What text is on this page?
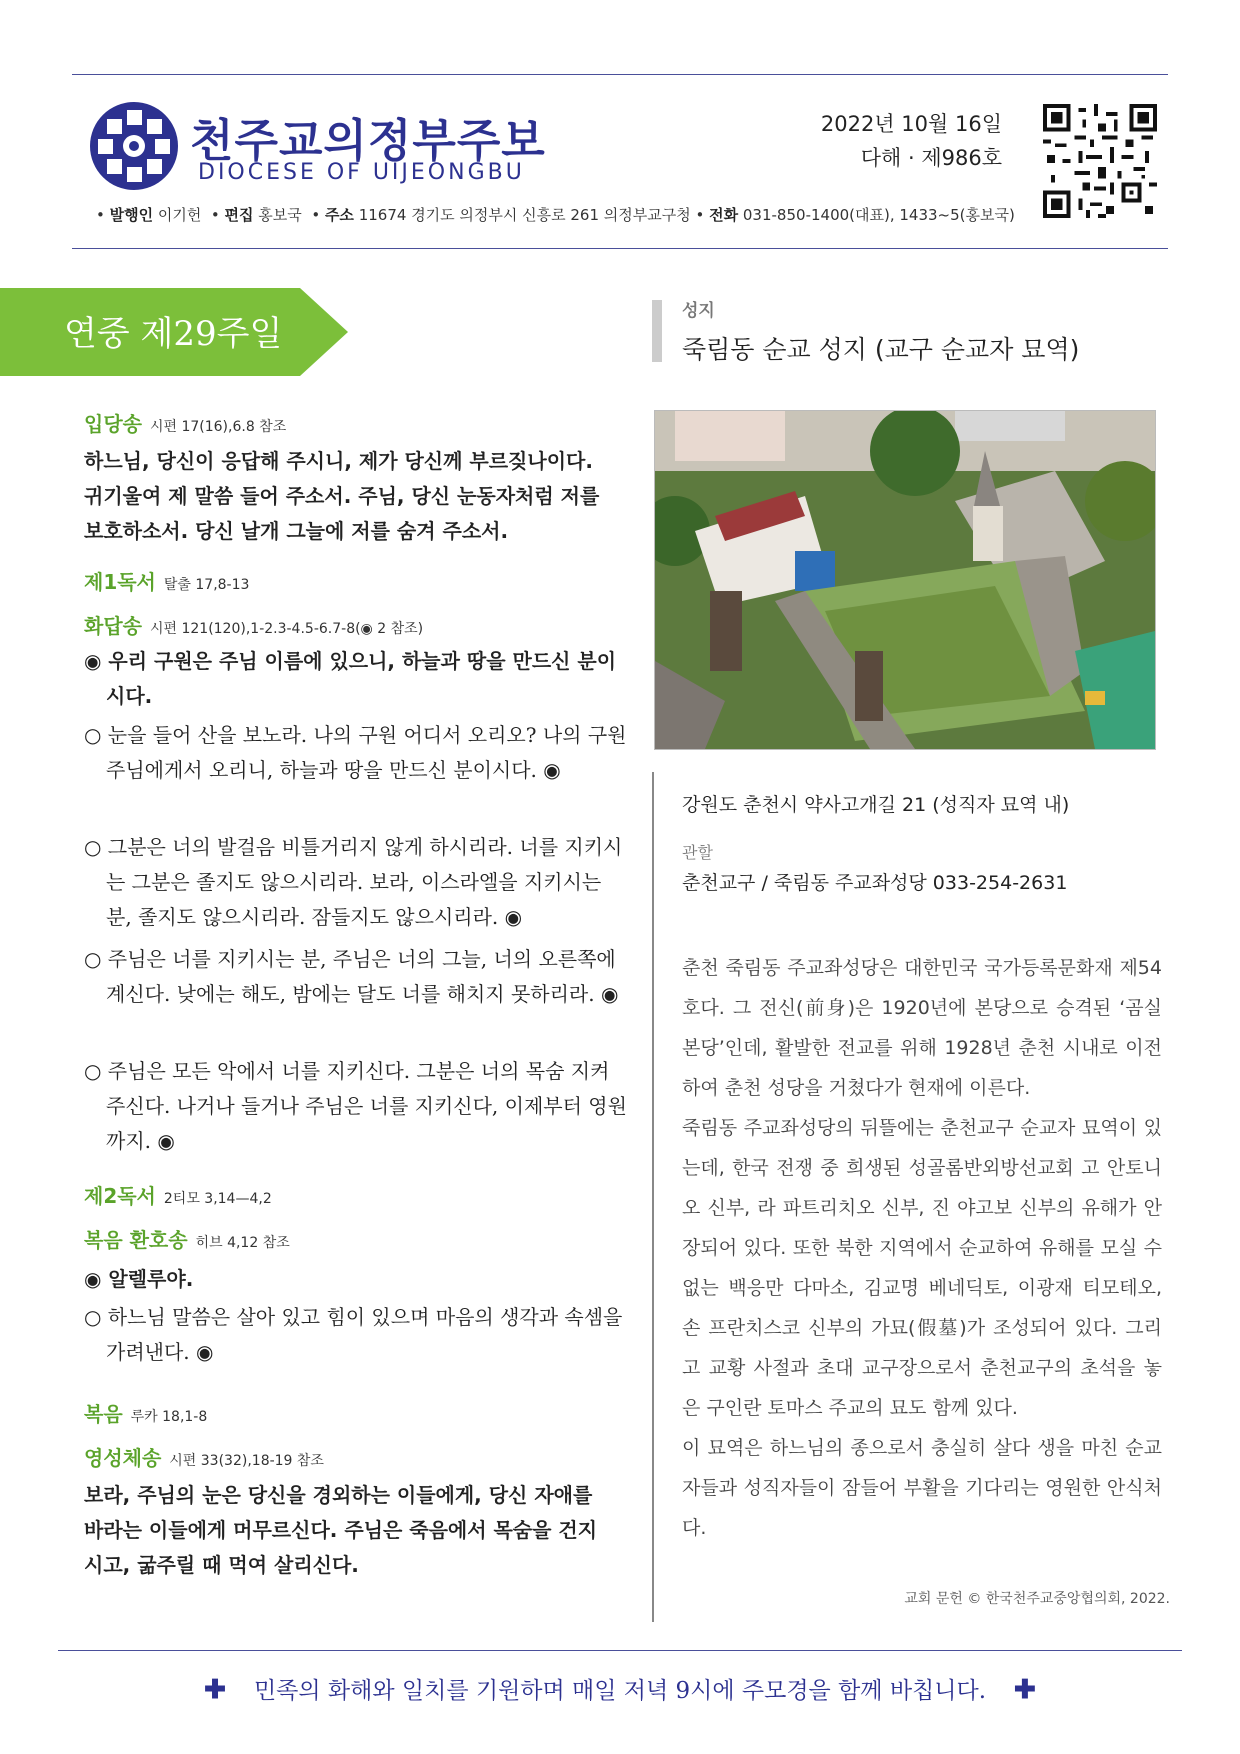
천주교의정부주보
DIOCESE OF UIJEONGBU
2022년 10월 16일
다해 · 제986호
• 발행인 이기헌  • 편집 홍보국  • 주소 11674 경기도 의정부시 신흥로 261 의정부교구청 • 전화 031-850-1400(대표), 1433~5(홍보국)
연중 제29주일
입당송 시편 17(16),6.8 참조
하느님, 당신이 응답해 주시니, 제가 당신께 부르짖나이다. 귀기울여 제 말씀 들어 주소서. 주님, 당신 눈동자처럼 저를 보호하소서. 당신 날개 그늘에 저를 숨겨 주소서.
제1독서 탈출 17,8-13
화답송 시편 121(120),1-2.3-4.5-6.7-8(◉ 2 참조)
◉ 우리 구원은 주님 이름에 있으니, 하늘과 땅을 만드신 분이시다.
○ 눈을 들어 산을 보노라. 나의 구원 어디서 오리오? 나의 구원 주님에게서 오리니, 하늘과 땅을 만드신 분이시다. ◉
○ 그분은 너의 발걸음 비틀거리지 않게 하시리라. 너를 지키시는 그분은 졸지도 않으시리라. 보라, 이스라엘을 지키시는 분, 졸지도 않으시리라. 잠들지도 않으시리라. ◉
○ 주님은 너를 지키시는 분, 주님은 너의 그늘, 너의 오른쪽에 계신다. 낮에는 해도, 밤에는 달도 너를 해치지 못하리라. ◉
○ 주님은 모든 악에서 너를 지키신다. 그분은 너의 목숨 지켜 주신다. 나거나 들거나 주님은 너를 지키신다, 이제부터 영원까지. ◉
제2독서 2티모 3,14—4,2
복음 환호송 히브 4,12 참조
◉ 알렐루야.
○ 하느님 말씀은 살아 있고 힘이 있으며 마음의 생각과 속셈을 가려낸다. ◉
복음 루카 18,1-8
영성체송 시편 33(32),18-19 참조
보라, 주님의 눈은 당신을 경외하는 이들에게, 당신 자애를 바라는 이들에게 머무르신다. 주님은 죽음에서 목숨을 건지시고, 굶주릴 때 먹여 살리신다.
성지
죽림동 순교 성지 (교구 순교자 묘역)
강원도 춘천시 약사고개길 21 (성직자 묘역 내)
관할
춘천교구 / 죽림동 주교좌성당 033-254-2631

춘천 죽림동 주교좌성당은 대한민국 국가등록문화재 제54호다. 그 전신(前身)은 1920년에 본당으로 승격된 ‘곰실 본당’인데, 활발한 전교를 위해 1928년 춘천 시내로 이전하여 춘천 성당을 거쳤다가 현재에 이른다.

죽림동 주교좌성당의 뒤뜰에는 춘천교구 순교자 묘역이 있는데, 한국 전쟁 중 희생된 성골롬반외방선교회 고 안토니오 신부, 라 파트리치오 신부, 진 야고보 신부의 유해가 안장되어 있다. 또한 북한 지역에서 순교하여 유해를 모실 수 없는 백응만 다마소, 김교명 베네딕토, 이광재 티모테오, 손 프란치스코 신부의 가묘(假墓)가 조성되어 있다. 그리고 교황 사절과 초대 교구장으로서 춘천교구의 초석을 놓은 구인란 토마스 주교의 묘도 함께 있다.

이 묘역은 하느님의 종으로서 충실히 살다 생을 마친 순교자들과 성직자들이 잠들어 부활을 기다리는 영원한 안식처다.

교회 문헌 © 한국천주교중앙협의회, 2022.
✚ 민족의 화해와 일치를 기원하며 매일 저녁 9시에 주모경을 함께 바칩니다. ✚
